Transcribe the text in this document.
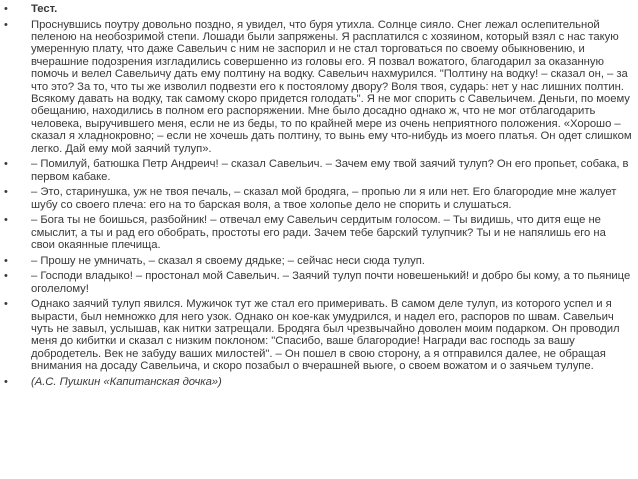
• Тест.
• Проснувшись поутру довольно поздно, я увидел, что буря утихла. Солнце сияло. Снег лежал ослепительной пеленою на необозримой степи. Лошади были запряжены. Я расплатился с хозяином, который взял с нас такую умеренную плату, что даже Савельич с ним не заспорил и не стал торговаться по своему обыкновению, и вчерашние подозрения изгладились совершенно из головы его. Я позвал вожатого, благодарил за оказанную помочь и велел Савельичу дать ему полтину на водку. Савельич нахмурился. "Полтину на водку! – сказал он, – за что это? За то, что ты же изволил подвезти его к постоялому двору? Воля твоя, сударь: нет у нас лишних полтин. Всякому давать на водку, так самому скоро придется голодать". Я не мог спорить с Савельичем. Деньги, по моему обещанию, находились в полном его распоряжении. Мне было досадно однако ж, что не мог отблагодарить человека, выручившего меня, если не из беды, то по крайней мере из очень неприятного положения. «Хорошо – сказал я хладнокровно; – если не хочешь дать полтину, то вынь ему что-нибудь из моего платья. Он одет слишком легко. Дай ему мой заячий тулуп».
• – Помилуй, батюшка Петр Андреич! – сказал Савельич. – Зачем ему твой заячий тулуп? Он его пропьет, собака, в первом кабаке.
• – Это, старинушка, уж не твоя печаль, – сказал мой бродяга, – пропью ли я или нет. Его благородие мне жалует шубу со своего плеча: его на то барская воля, а твое холопье дело не спорить и слушаться.
• – Бога ты не боишься, разбойник! – отвечал ему Савельич сердитым голосом. – Ты видишь, что дитя еще не смыслит, а ты и рад его обобрать, простоты его ради. Зачем тебе барский тулупчик? Ты и не напялишь его на свои окаянные плечища.
• – Прошу не умничать, – сказал я своему дядьке; – сейчас неси сюда тулуп.
• – Господи владыко! – простонал мой Савельич. – Заячий тулуп почти новешенький! и добро бы кому, а то пьянице оголелому!
• Однако заячий тулуп явился. Мужичок тут же стал его примеривать. В самом деле тулуп, из которого успел и я вырасти, был немножко для него узок. Однако он кое-как умудрился, и надел его, распоров по швам. Савельич чуть не завыл, услышав, как нитки затрещали. Бродяга был чрезвычайно доволен моим подарком. Он проводил меня до кибитки и сказал с низким поклоном: "Спасибо, ваше благородие! Награди вас господь за вашу добродетель. Век не забуду ваших милостей". – Он пошел в свою сторону, а я отправился далее, не обращая внимания на досаду Савельича, и скоро позабыл о вчерашней вьюге, о своем вожатом и о заячьем тулупе.
• (А.С. Пушкин «Капитанская дочка»)
